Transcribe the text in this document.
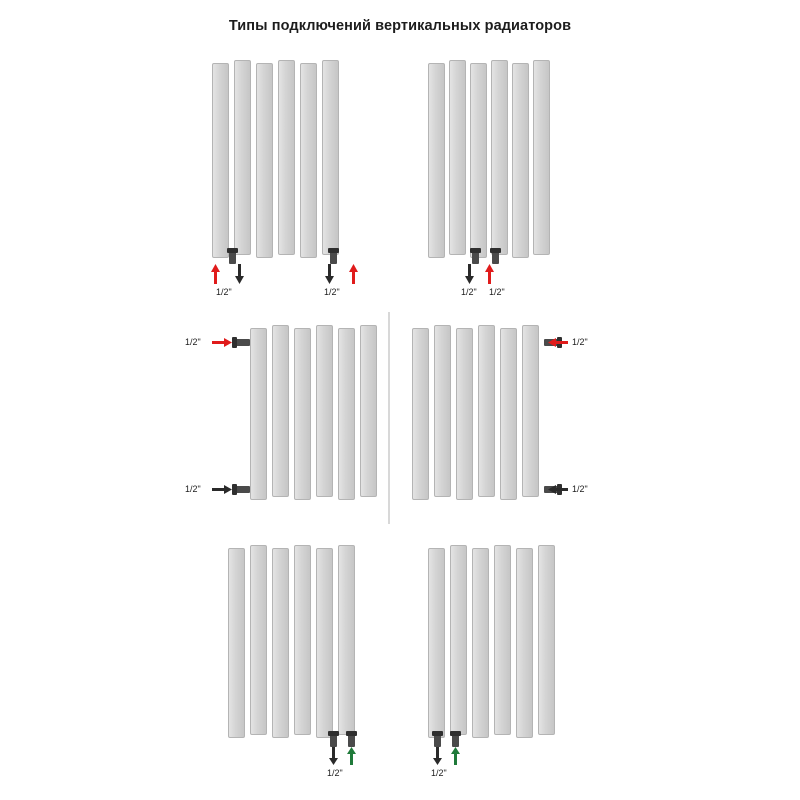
Типы подключений вертикальных радиаторов
1/2"	1/2"	1/2" 1/2"
1/2"
1/2"
1/2"
1/2"
1/2"	1/2"
